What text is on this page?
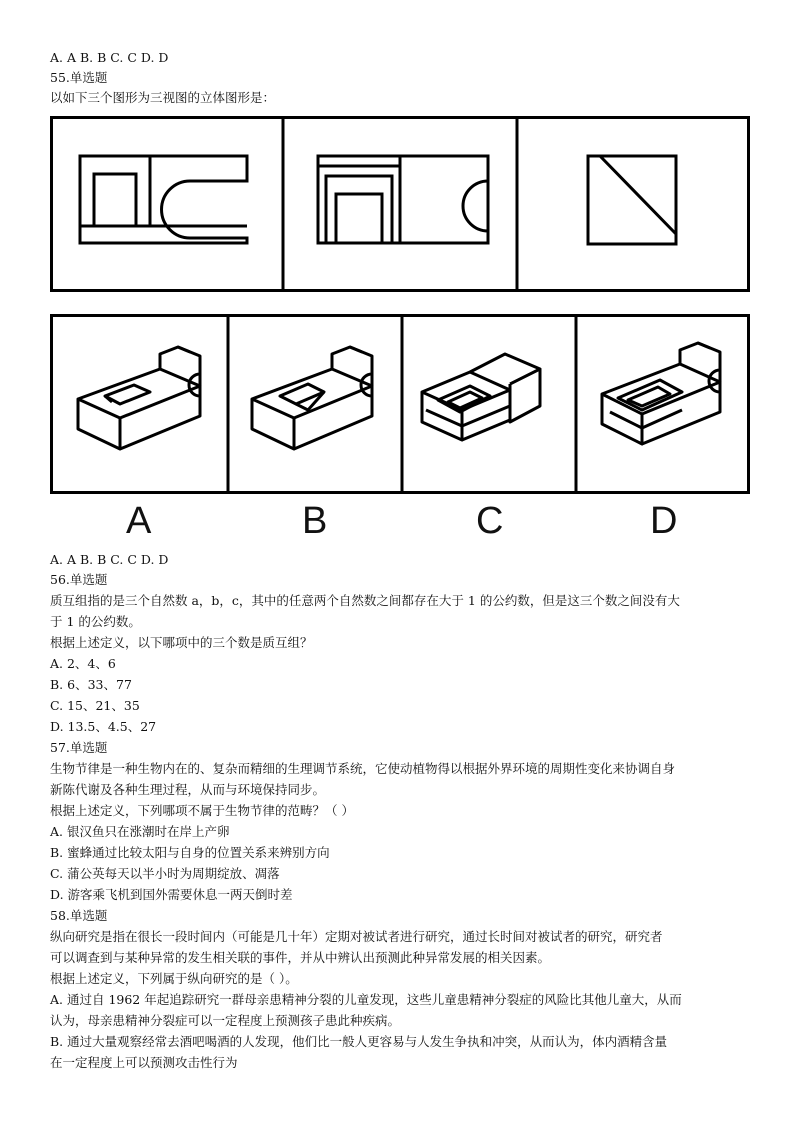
A. A B. B C. C D. D
55.单选题
以如下三个图形为三视图的立体图形是：
A	B	C	D
A. A B. B C. C D. D
56.单选题
质互组指的是三个自然数 a，b，c，其中的任意两个自然数之间都存在大于 1 的公约数，但是这三个数之间没有大
于 1 的公约数。
根据上述定义，以下哪项中的三个数是质互组？
A. 2、4、6
B. 6、33、77
C. 15、21、35
D. 13.5、4.5、27
57.单选题
生物节律是一种生物内在的、复杂而精细的生理调节系统，它使动植物得以根据外界环境的周期性变化来协调自身
新陈代谢及各种生理过程，从而与环境保持同步。
根据上述定义，下列哪项不属于生物节律的范畴？（ ）
A. 银汉鱼只在涨潮时在岸上产卵
B. 蜜蜂通过比较太阳与自身的位置关系来辨别方向
C. 蒲公英每天以半小时为周期绽放、凋落
D. 游客乘飞机到国外需要休息一两天倒时差
58.单选题
纵向研究是指在很长一段时间内（可能是几十年）定期对被试者进行研究，通过长时间对被试者的研究，研究者
可以调查到与某种异常的发生相关联的事件，并从中辨认出预测此种异常发展的相关因素。
根据上述定义，下列属于纵向研究的是（ ）。
A. 通过自 1962 年起追踪研究一群母亲患精神分裂的儿童发现，这些儿童患精神分裂症的风险比其他儿童大，从而
认为，母亲患精神分裂症可以一定程度上预测孩子患此种疾病。
B. 通过大量观察经常去酒吧喝酒的人发现，他们比一般人更容易与人发生争执和冲突，从而认为，体内酒精含量
在一定程度上可以预测攻击性行为
